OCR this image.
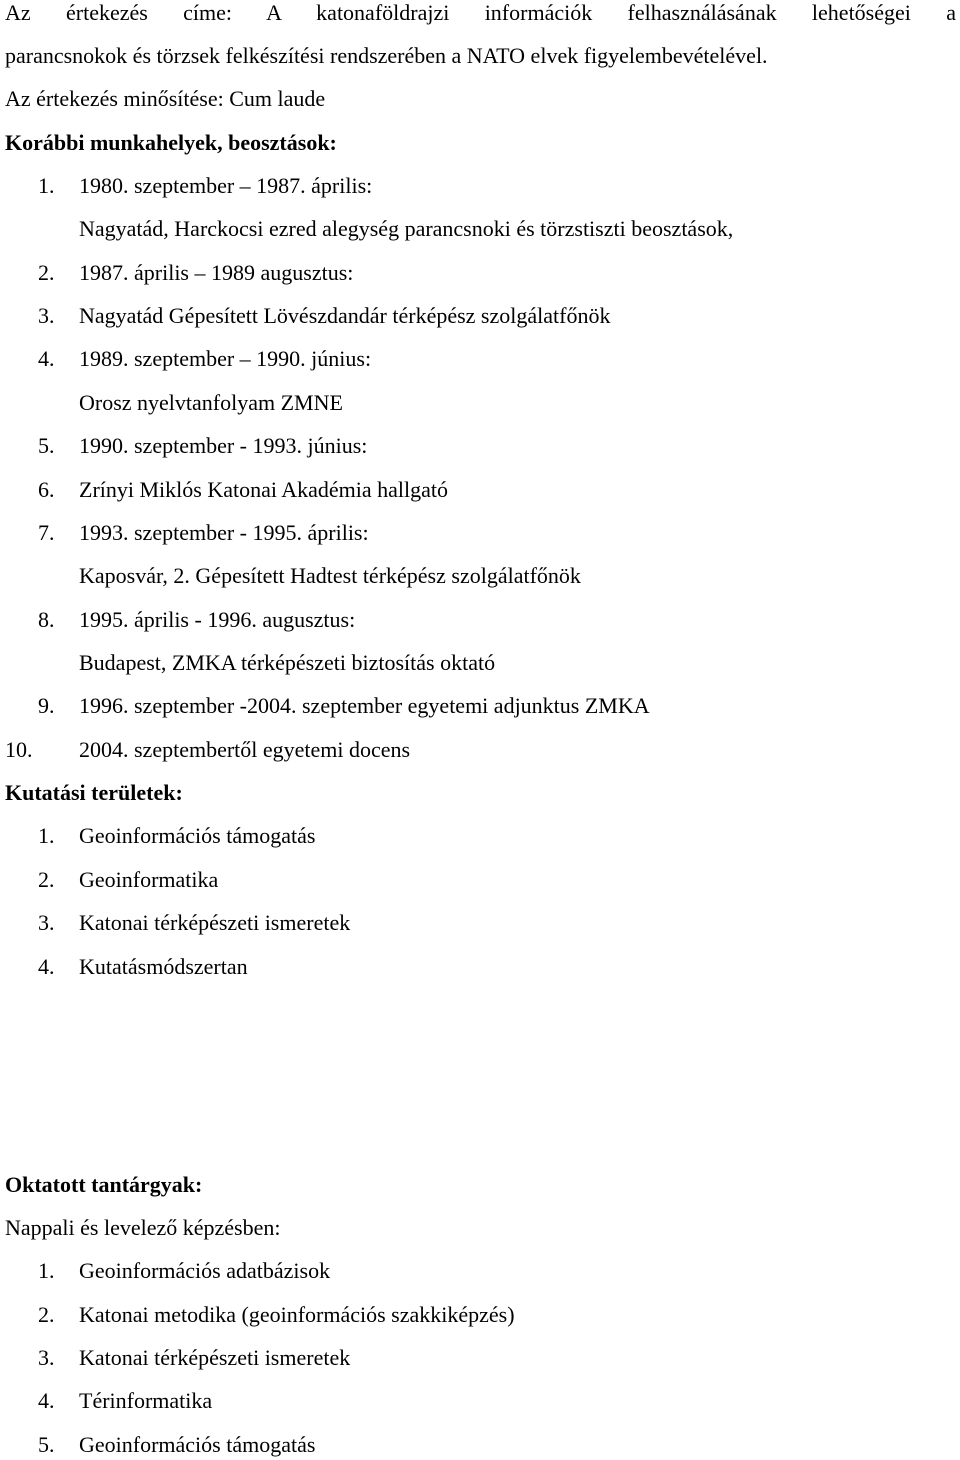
Az értekezés címe: A katonaföldrajzi információk felhasználásának lehetőségei a
parancsnokok és törzsek felkészítési rendszerében a NATO elvek figyelembevételével.
Az értekezés minősítése: Cum laude
Korábbi munkahelyek, beosztások:
1. 1980. szeptember – 1987. április:
Nagyatád, Harckocsi ezred alegység parancsnoki és törzstiszti beosztások,
2. 1987. április – 1989 augusztus:
3. Nagyatád Gépesített Lövészdandár térképész szolgálatfőnök
4. 1989. szeptember – 1990. június:
Orosz nyelvtanfolyam ZMNE
5. 1990. szeptember - 1993. június:
6. Zrínyi Miklós Katonai Akadémia hallgató
7. 1993. szeptember - 1995. április:
Kaposvár, 2. Gépesített Hadtest térképész szolgálatfőnök
8. 1995. április - 1996. augusztus:
Budapest, ZMKA térképészeti biztosítás oktató
9. 1996. szeptember -2004. szeptember egyetemi adjunktus ZMKA
10. 2004. szeptembertől egyetemi docens
Kutatási területek:
1. Geoinformációs támogatás
2. Geoinformatika
3. Katonai térképészeti ismeretek
4. Kutatásmódszertan
Oktatott tantárgyak:
Nappali és levelező képzésben:
1. Geoinformációs adatbázisok
2. Katonai metodika (geoinformációs szakkiképzés)
3. Katonai térképészeti ismeretek
4. Térinformatika
5. Geoinformációs támogatás
